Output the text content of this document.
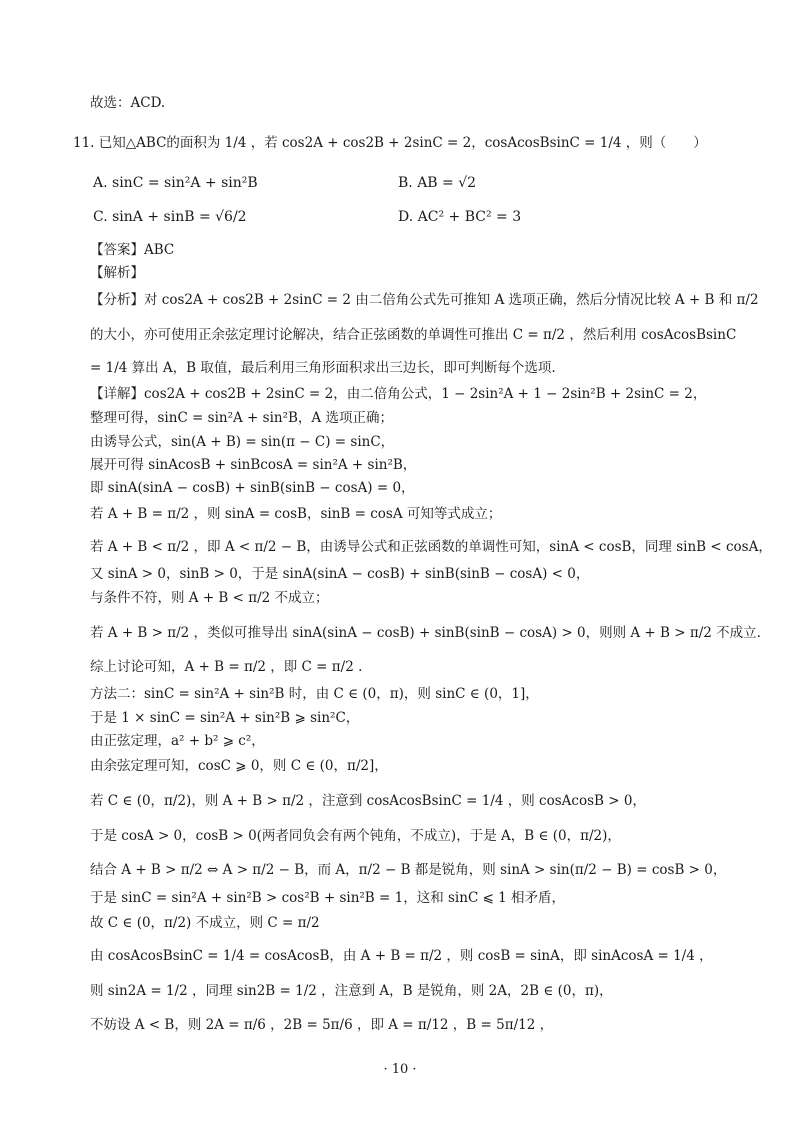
故选：ACD.
11. 已知△ABC的面积为 1/4 ，若 cos2A + cos2B + 2sinC = 2，cosAcosBsinC = 1/4 ，则（　　）
A. sinC = sin²A + sin²B	B. AB = √2
C. sinA + sinB = √6/2	D. AC² + BC² = 3
【答案】ABC
【解析】
【分析】对 cos2A + cos2B + 2sinC = 2 由二倍角公式先可推知 A 选项正确，然后分情况比较 A + B 和 π/2
的大小，亦可使用正余弦定理讨论解决，结合正弦函数的单调性可推出 C = π/2 ，然后利用 cosAcosBsinC
= 1/4 算出 A，B 取值，最后利用三角形面积求出三边长，即可判断每个选项.
【详解】cos2A + cos2B + 2sinC = 2，由二倍角公式，1 − 2sin²A + 1 − 2sin²B + 2sinC = 2，
整理可得，sinC = sin²A + sin²B，A 选项正确；
由诱导公式，sin(A + B) = sin(π − C) = sinC，
展开可得 sinAcosB + sinBcosA = sin²A + sin²B，
即 sinA(sinA − cosB) + sinB(sinB − cosA) = 0，
若 A + B = π/2 ，则 sinA = cosB，sinB = cosA 可知等式成立；
若 A + B < π/2 ，即 A < π/2 − B，由诱导公式和正弦函数的单调性可知，sinA < cosB，同理 sinB < cosA，
又 sinA > 0，sinB > 0，于是 sinA(sinA − cosB) + sinB(sinB − cosA) < 0，
与条件不符，则 A + B < π/2 不成立；
若 A + B > π/2 ，类似可推导出 sinA(sinA − cosB) + sinB(sinB − cosA) > 0，则则 A + B > π/2 不成立.
综上讨论可知，A + B = π/2 ，即 C = π/2 .
方法二：sinC = sin²A + sin²B 时，由 C ∈ (0，π)，则 sinC ∈ (0，1]，
于是 1 × sinC = sin²A + sin²B ⩾ sin²C，
由正弦定理，a² + b² ⩾ c²，
由余弦定理可知，cosC ⩾ 0，则 C ∈ (0，π/2]，
若 C ∈ (0，π/2)，则 A + B > π/2 ，注意到 cosAcosBsinC = 1/4 ，则 cosAcosB > 0，
于是 cosA > 0，cosB > 0(两者同负会有两个钝角，不成立)，于是 A，B ∈ (0，π/2)，
结合 A + B > π/2 ⇔ A > π/2 − B，而 A，π/2 − B 都是锐角，则 sinA > sin(π/2 − B) = cosB > 0，
于是 sinC = sin²A + sin²B > cos²B + sin²B = 1，这和 sinC ⩽ 1 相矛盾，
故 C ∈ (0，π/2) 不成立，则 C = π/2
由 cosAcosBsinC = 1/4 = cosAcosB，由 A + B = π/2 ，则 cosB = sinA，即 sinAcosA = 1/4 ，
则 sin2A = 1/2 ，同理 sin2B = 1/2 ，注意到 A，B 是锐角，则 2A，2B ∈ (0，π)，
不妨设 A < B，则 2A = π/6 ，2B = 5π/6 ，即 A = π/12 ，B = 5π/12 ，
· 10 ·
